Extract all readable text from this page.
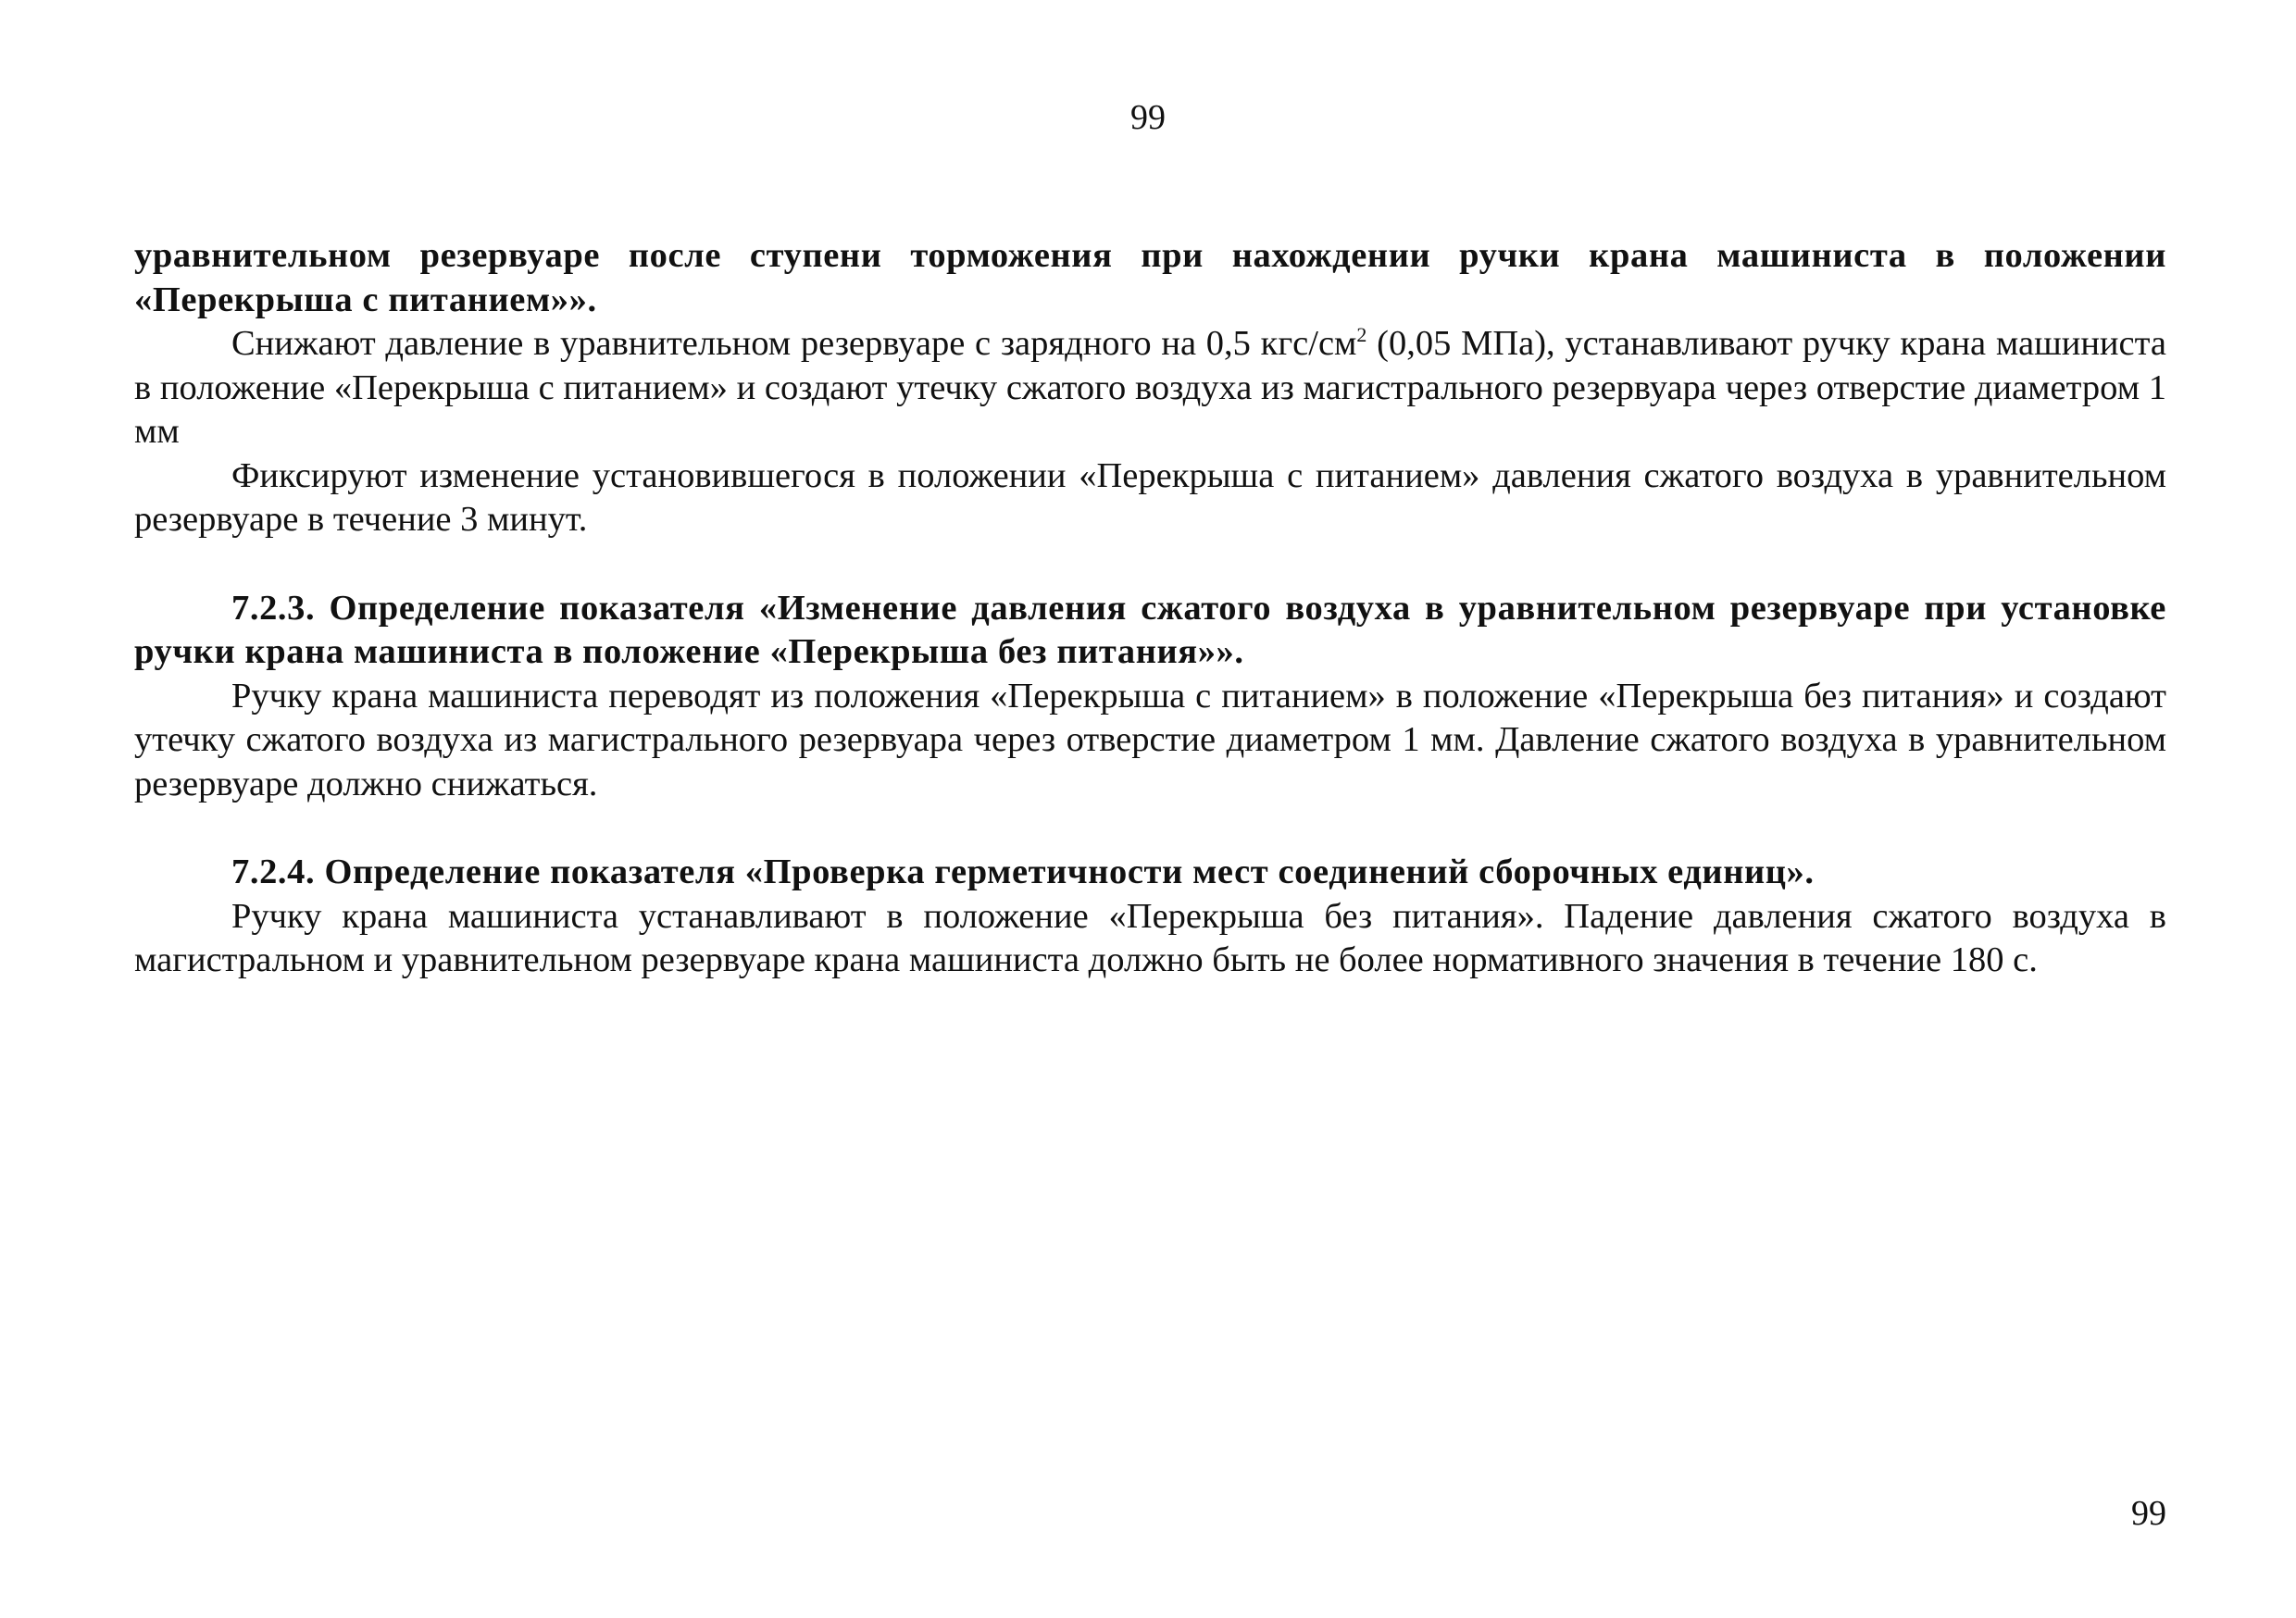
99

уравнительном резервуаре после ступени торможения при нахождении ручки крана машиниста в положении «Перекрыша с питанием»».

Снижают давление в уравнительном резервуаре с зарядного на 0,5 кгс/$см^2$ (0,05 МПа), устанавливают ручку крана машиниста в положение «Перекрыша с питанием» и создают утечку сжатого воздуха из магистрального резервуара через отверстие диаметром 1 мм

Фиксируют изменение установившегося в положении «Перекрыша с питанием» давления сжатого воздуха в уравнительном резервуаре в течение 3 минут.

7.2.3. Определение показателя «Изменение давления сжатого воздуха в уравнительном резервуаре при установке ручки крана машиниста в положение «Перекрыша без питания»».

Ручку крана машиниста переводят из положения «Перекрыша с питанием» в положение «Перекрыша без питания» и создают утечку сжатого воздуха из магистрального резервуара через отверстие диаметром 1 мм. Давление сжатого воздуха в уравнительном резервуаре должно снижаться.

7.2.4. Определение показателя «Проверка герметичности мест соединений сборочных единиц».

Ручку крана машиниста устанавливают в положение «Перекрыша без питания». Падение давления сжатого воздуха в магистральном и уравнительном резервуаре крана машиниста должно быть не более нормативного значения в течение 180 с.

99
